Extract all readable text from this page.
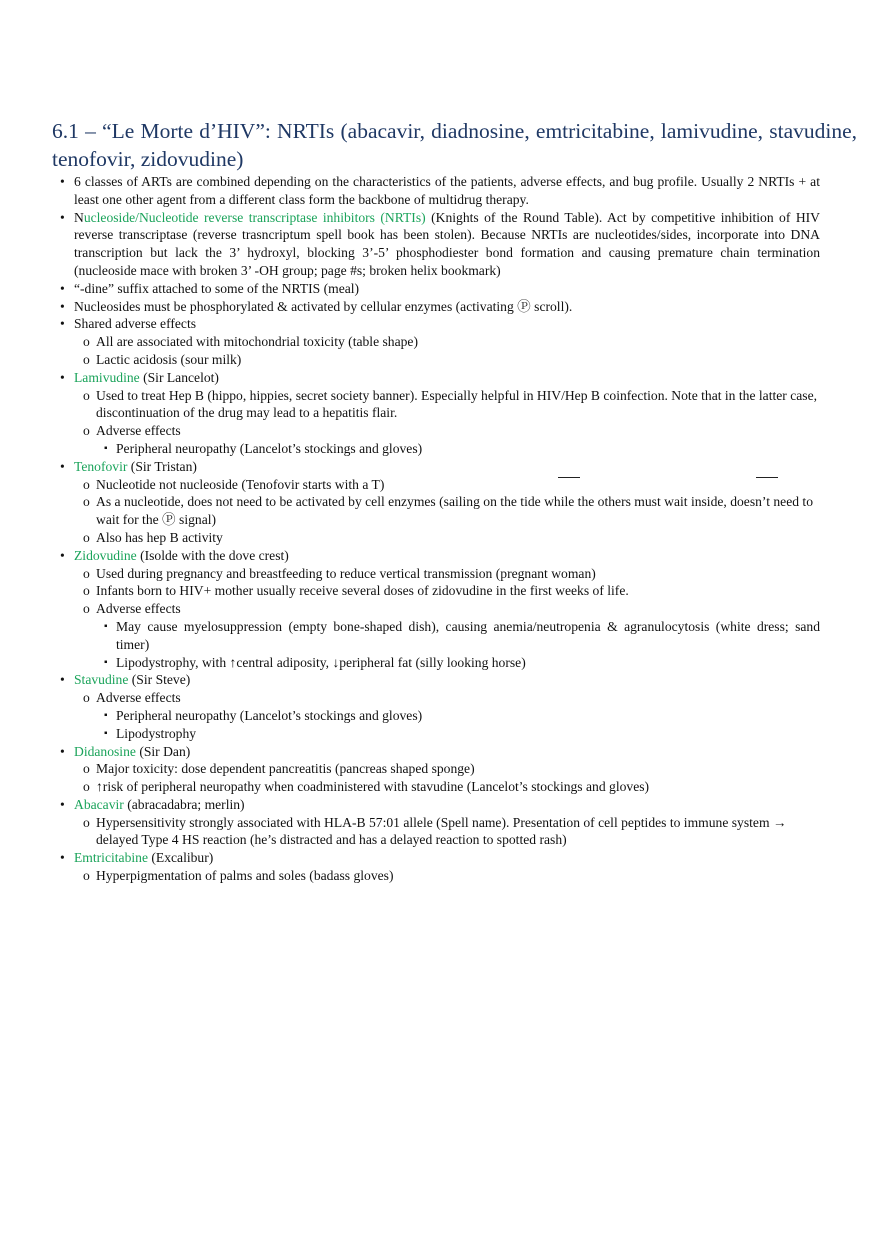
6.1 – “Le Morte d’HIV”: NRTIs (abacavir, diadnosine, emtricitabine, lamivudine, stavudine, tenofovir, zidovudine)

• 6 classes of ARTs are combined depending on the characteristics of the patients, adverse effects, and bug profile. Usually 2 NRTIs + at least one other agent from a different class form the backbone of multidrug therapy.

• Nucleoside/Nucleotide reverse transcriptase inhibitors (NRTIs) (Knights of the Round Table). Act by competitive inhibition of HIV reverse transcriptase (reverse trasncriptum spell book has been stolen). Because NRTIs are nucleotides/sides, incorporate into DNA transcription but lack the 3’ hydroxyl, blocking 3’-5’ phosphodiester bond formation and causing premature chain termination (nucleoside mace with broken 3’ -OH group; page #s; broken helix bookmark)

• “-dine” suffix attached to some of the NRTIS (meal)

• Nucleosides must be phosphorylated & activated by cellular enzymes (activating Ⓟ scroll).

• Shared adverse effects

o All are associated with mitochondrial toxicity (table shape)

o Lactic acidosis (sour milk)

• Lamivudine (Sir Lancelot)

o Used to treat Hep B (hippo, hippies, secret society banner). Especially helpful in HIV/Hep B coinfection. Note that in the latter case, discontinuation of the drug may lead to a hepatitis flair.

o Adverse effects

▪ Peripheral neuropathy (Lancelot’s stockings and gloves)

• Tenofovir (Sir Tristan)

o Nucleotide not nucleoside (Tenofovir starts with a T)

o As a nucleotide, does not need to be activated by cell enzymes (sailing on the tide while the others must wait inside, doesn’t need to wait for the Ⓟ signal)

o Also has hep B activity

• Zidovudine (Isolde with the dove crest)

o Used during pregnancy and breastfeeding to reduce vertical transmission (pregnant woman)

o Infants born to HIV+ mother usually receive several doses of zidovudine in the first weeks of life.

o Adverse effects

▪ May cause myelosuppression (empty bone-shaped dish), causing anemia/neutropenia & agranulocytosis (white dress; sand timer)

▪ Lipodystrophy, with ↑central adiposity, ↓peripheral fat (silly looking horse)

• Stavudine (Sir Steve)

o Adverse effects

▪ Peripheral neuropathy (Lancelot’s stockings and gloves)

▪ Lipodystrophy

• Didanosine (Sir Dan)

o Major toxicity: dose dependent pancreatitis (pancreas shaped sponge)

o ↑risk of peripheral neuropathy when coadministered with stavudine (Lancelot’s stockings and gloves)

• Abacavir (abracadabra; merlin)

o Hypersensitivity strongly associated with HLA-B 57:01 allele (Spell name). Presentation of cell peptides to immune system → delayed Type 4 HS reaction (he’s distracted and has a delayed reaction to spotted rash)

• Emtricitabine (Excalibur)

o Hyperpigmentation of palms and soles (badass gloves)
